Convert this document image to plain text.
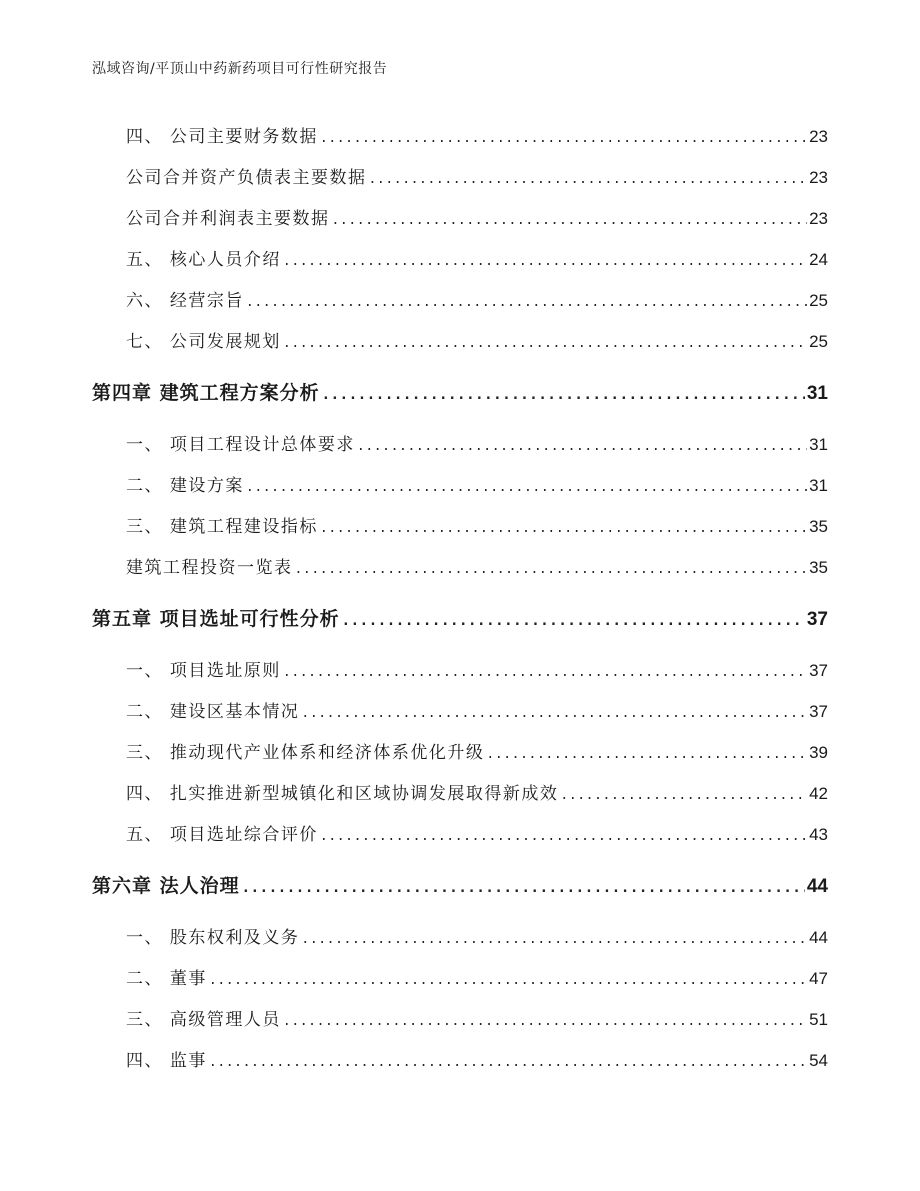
泓域咨询/平顶山中药新药项目可行性研究报告
四、 公司主要财务数据 .....	23
公司合并资产负债表主要数据 .....	23
公司合并利润表主要数据 .....	23
五、 核心人员介绍 .....	24
六、 经营宗旨 .....	25
七、 公司发展规划 .....	25
第四章 建筑工程方案分析 .....	31
一、 项目工程设计总体要求 .....	31
二、 建设方案 .....	31
三、 建筑工程建设指标 .....	35
建筑工程投资一览表 .....	35
第五章 项目选址可行性分析 .....	37
一、 项目选址原则 .....	37
二、 建设区基本情况 .....	37
三、 推动现代产业体系和经济体系优化升级 .....	39
四、 扎实推进新型城镇化和区域协调发展取得新成效 .....	42
五、 项目选址综合评价 .....	43
第六章 法人治理 .....	44
一、 股东权利及义务 .....	44
二、 董事 .....	47
三、 高级管理人员 .....	51
四、 监事 .....	54
